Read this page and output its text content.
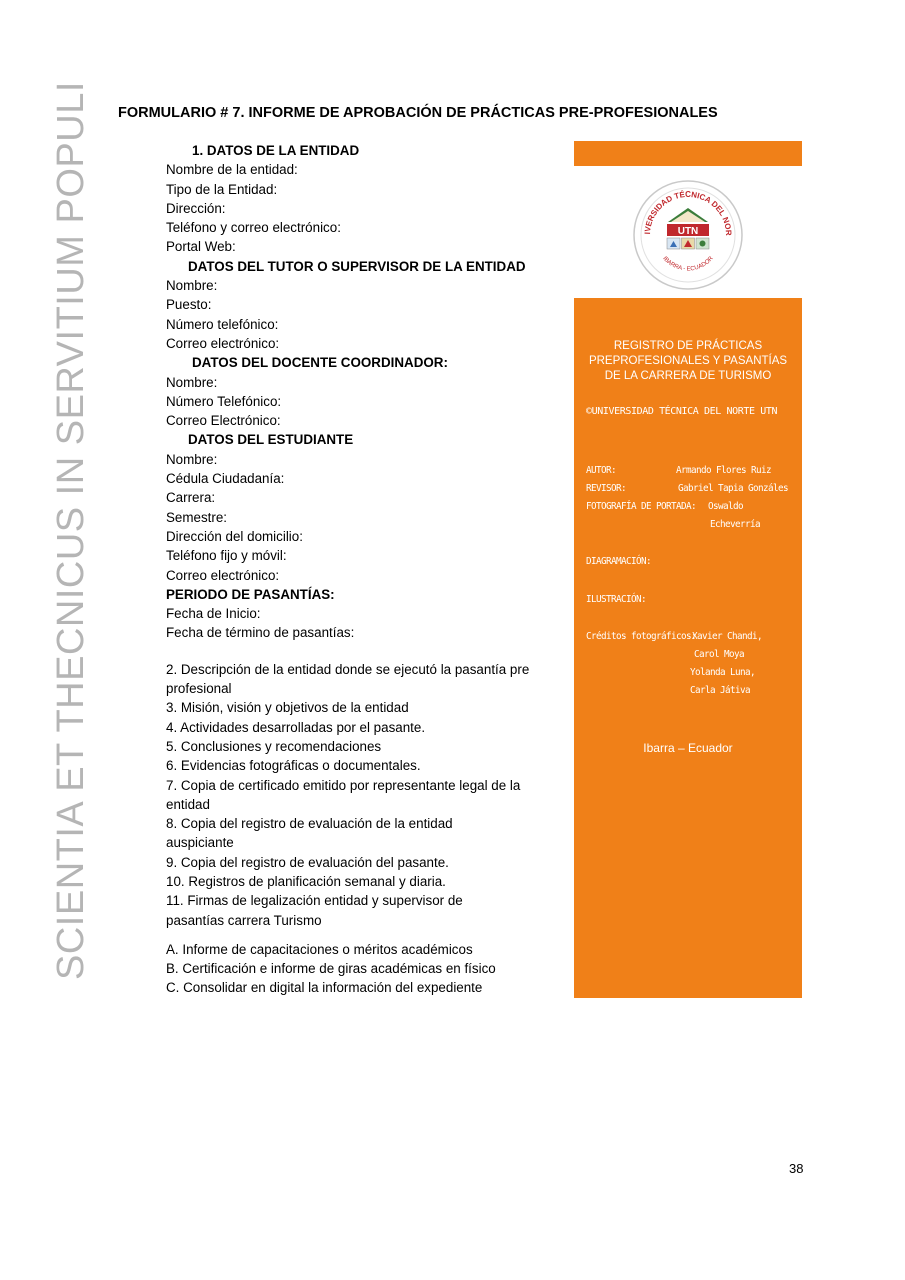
SCIENTIA ET THECNICUS IN SERVITIUM POPULI FORMULARIO # 7. INFORME DE APROBACIÓN DE PRÁCTICAS PRE-PROFESIONALES
1. DATOS DE LA ENTIDAD
Nombre de la entidad:
Tipo de la Entidad:
Dirección:
Teléfono y correo electrónico:
Portal Web:
DATOS DEL TUTOR O SUPERVISOR DE LA ENTIDAD
Nombre:
Puesto:
Número telefónico:
Correo electrónico:
DATOS DEL DOCENTE COORDINADOR:
Nombre:
Número Telefónico:
Correo Electrónico:
DATOS DEL ESTUDIANTE
Nombre:
Cédula Ciudadanía:
Carrera:
Semestre:
Dirección del domicilio:
Teléfono fijo y móvil:
Correo electrónico:
PERIODO DE PASANTÍAS:
Fecha de Inicio:
Fecha de término de pasantías:
2. Descripción de la entidad donde se ejecutó la pasantía pre profesional
3. Misión, visión y objetivos de la entidad
4. Actividades desarrolladas por el pasante.
5. Conclusiones y recomendaciones
6. Evidencias fotográficas o documentales.
7. Copia de certificado emitido por representante legal de la entidad
8. Copia del registro de evaluación de la entidad auspiciante
9. Copia del registro de evaluación del pasante.
10. Registros de planificación semanal y diaria.
11. Firmas de legalización entidad y supervisor de pasantías carrera Turismo
A. Informe de capacitaciones o méritos académicos
B. Certificación e informe de giras académicas en físico
C. Consolidar en digital la información del expediente
IVERSIDAD TÉCNICA DEL NOR
IBARRA - ECUADOR
UTN
REGISTRO DE PRÁCTICAS
PREPROFESIONALES Y PASANTÍAS
DE LA CARRERA DE TURISMO
©UNIVERSIDAD TÉCNICA DEL NORTE UTN
AUTOR:	Armando Flores Ruiz
REVISOR:	Gabriel Tapia Gonzáles
FOTOGRAFÍA DE PORTADA: Oswaldo
Echeverría
DIAGRAMACIÓN:
ILUSTRACIÓN:
Créditos fotográficos:
Xavier Chandi,
Carol Moya
Yolanda Luna,
Carla Játiva
Ibarra – Ecuador
38
